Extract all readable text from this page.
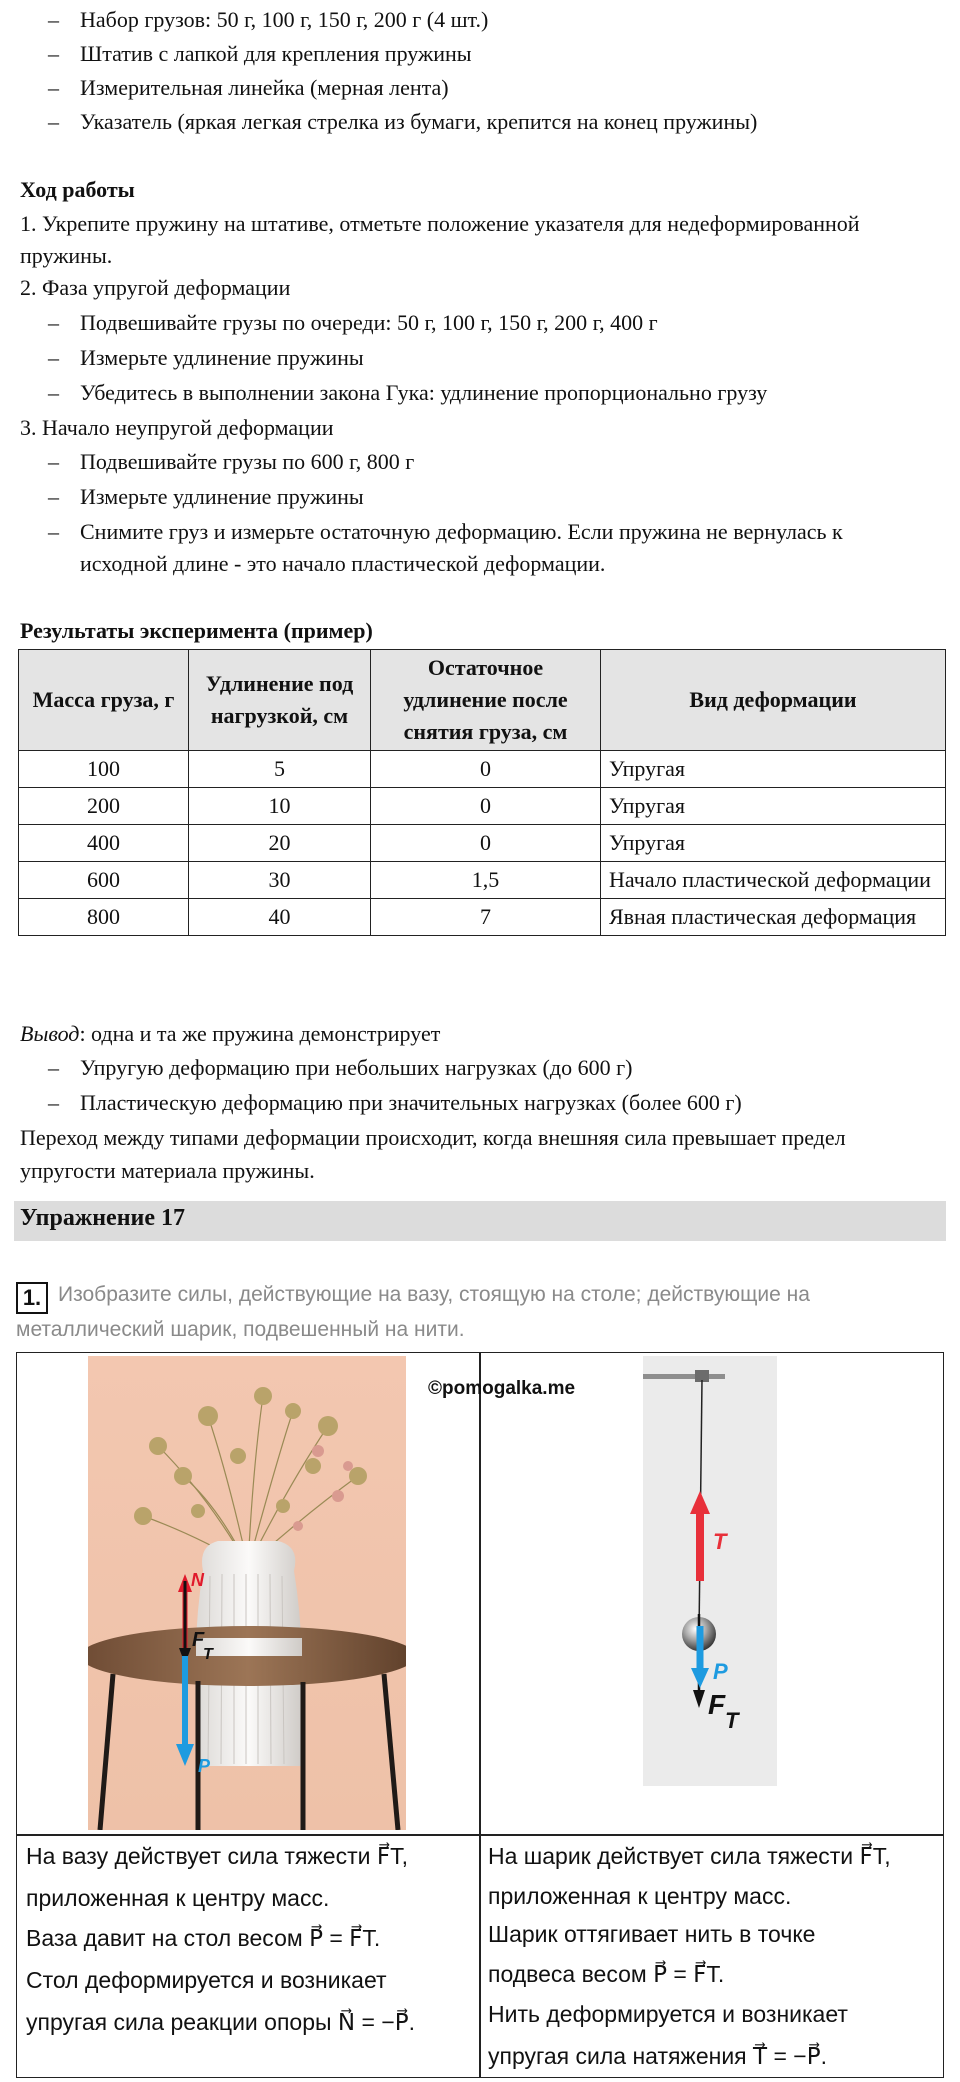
– Набор грузов: 50 г, 100 г, 150 г, 200 г (4 шт.)
– Штатив с лапкой для крепления пружины
– Измерительная линейка (мерная лента)
– Указатель (яркая легкая стрелка из бумаги, крепится на конец пружины)
Ход работы
1. Укрепите пружину на штативе, отметьте положение указателя для недеформированной
пружины.
2. Фаза упругой деформации
– Подвешивайте грузы по очереди: 50 г, 100 г, 150 г, 200 г, 400 г
– Измерьте удлинение пружины
– Убедитесь в выполнении закона Гука: удлинение пропорционально грузу
3. Начало неупругой деформации
– Подвешивайте грузы по 600 г, 800 г
– Измерьте удлинение пружины
– Снимите груз и измерьте остаточную деформацию. Если пружина не вернулась к
исходной длине - это начало пластической деформации.
Результаты эксперимента (пример)
Масса груза, г	Удлинение под нагрузкой, см	Остаточное удлинение после снятия груза, см	Вид деформации
100	5	0	Упругая
200	10	0	Упругая
400	20	0	Упругая
600	30	1,5	Начало пластической деформации
800	40	7	Явная пластическая деформация
Вывод: одна и та же пружина демонстрирует
– Упругую деформацию при небольших нагрузках (до 600 г)
– Пластическую деформацию при значительных нагрузках (более 600 г)
Переход между типами деформации происходит, когда внешняя сила превышает предел
упругости материала пружины.
Упражнение 17
1. Изобразите силы, действующие на вазу, стоящую на столе; действующие на
металлический шарик, подвешенный на нити.
N
F
T
P
©pomogalka.me
T
P
F
T
На вазу действует сила тяжести F⃗T,
приложенная к центру масс.
Ваза давит на стол весом P⃗ = F⃗T.
Стол деформируется и возникает
упругая сила реакции опоры N⃗ = −P⃗.
На шарик действует сила тяжести F⃗T,
приложенная к центру масс.
Шарик оттягивает нить в точке
подвеса весом P⃗ = F⃗T.
Нить деформируется и возникает
упругая сила натяжения T⃗ = −P⃗.
